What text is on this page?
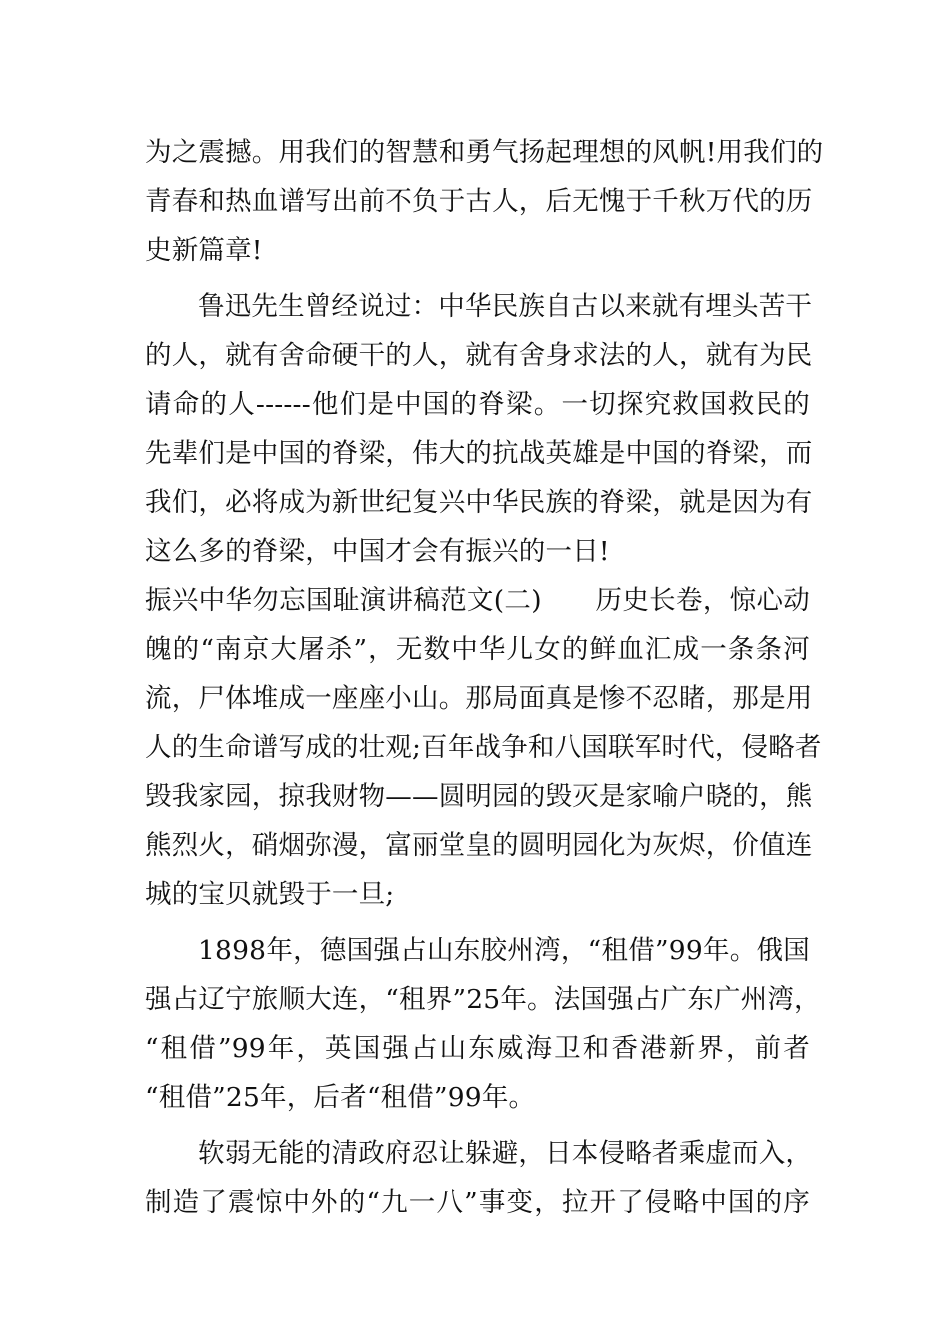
为之震撼。用我们的智慧和勇气扬起理想的风帆!用我们的
青春和热血谱写出前不负于古人，后无愧于千秋万代的历
史新篇章!
鲁迅先生曾经说过：中华民族自古以来就有埋头苦干
的人，就有舍命硬干的人，就有舍身求法的人，就有为民
请命的人------他们是中国的脊梁。一切探究救国救民的
先辈们是中国的脊梁，伟大的抗战英雄是中国的脊梁，而
我们，必将成为新世纪复兴中华民族的脊梁，就是因为有
这么多的脊梁，中国才会有振兴的一日!
振兴中华勿忘国耻演讲稿范文(二)　　历史长卷，惊心动
魄的“南京大屠杀”，无数中华儿女的鲜血汇成一条条河
流，尸体堆成一座座小山。那局面真是惨不忍睹，那是用
人的生命谱写成的壮观;百年战争和八国联军时代，侵略者
毁我家园，掠我财物——圆明园的毁灭是家喻户晓的，熊
熊烈火，硝烟弥漫，富丽堂皇的圆明园化为灰烬，价值连
城的宝贝就毁于一旦;
1898年，德国强占山东胶州湾，“租借”99年。俄国
强占辽宁旅顺大连，“租界”25年。法国强占广东广州湾，
“租借”99年，英国强占山东威海卫和香港新界，前者
“租借”25年，后者“租借”99年。
软弱无能的清政府忍让躲避，日本侵略者乘虚而入，
制造了震惊中外的“九一八”事变，拉开了侵略中国的序
